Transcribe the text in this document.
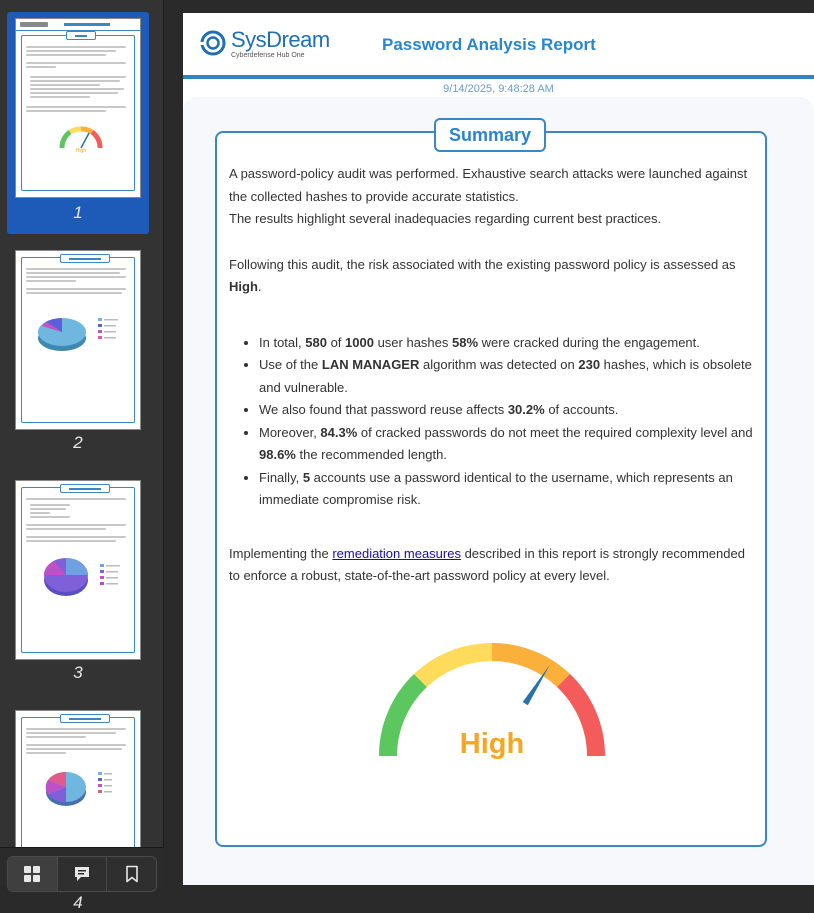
High
1
2
3
4
SysDream
Cyberdefense Hub One
Password Analysis Report
9/14/2025, 9:48:28 AM
Summary

A password-policy audit was performed. Exhaustive search attacks were launched against the collected hashes to provide accurate statistics.
The results highlight several inadequacies regarding current best practices.

Following this audit, the risk associated with the existing password policy is assessed as High.

• In total, 580 of 1000 user hashes 58% were cracked during the engagement.
• Use of the LAN MANAGER algorithm was detected on 230 hashes, which is obsolete and vulnerable.
• We also found that password reuse affects 30.2% of accounts.
• Moreover, 84.3% of cracked passwords do not meet the required complexity level and 98.6% the recommended length.
• Finally, 5 accounts use a password identical to the username, which represents an immediate compromise risk.

Implementing the remediation measures described in this report is strongly recommended to enforce a robust, state-of-the-art password policy at every level.

High
